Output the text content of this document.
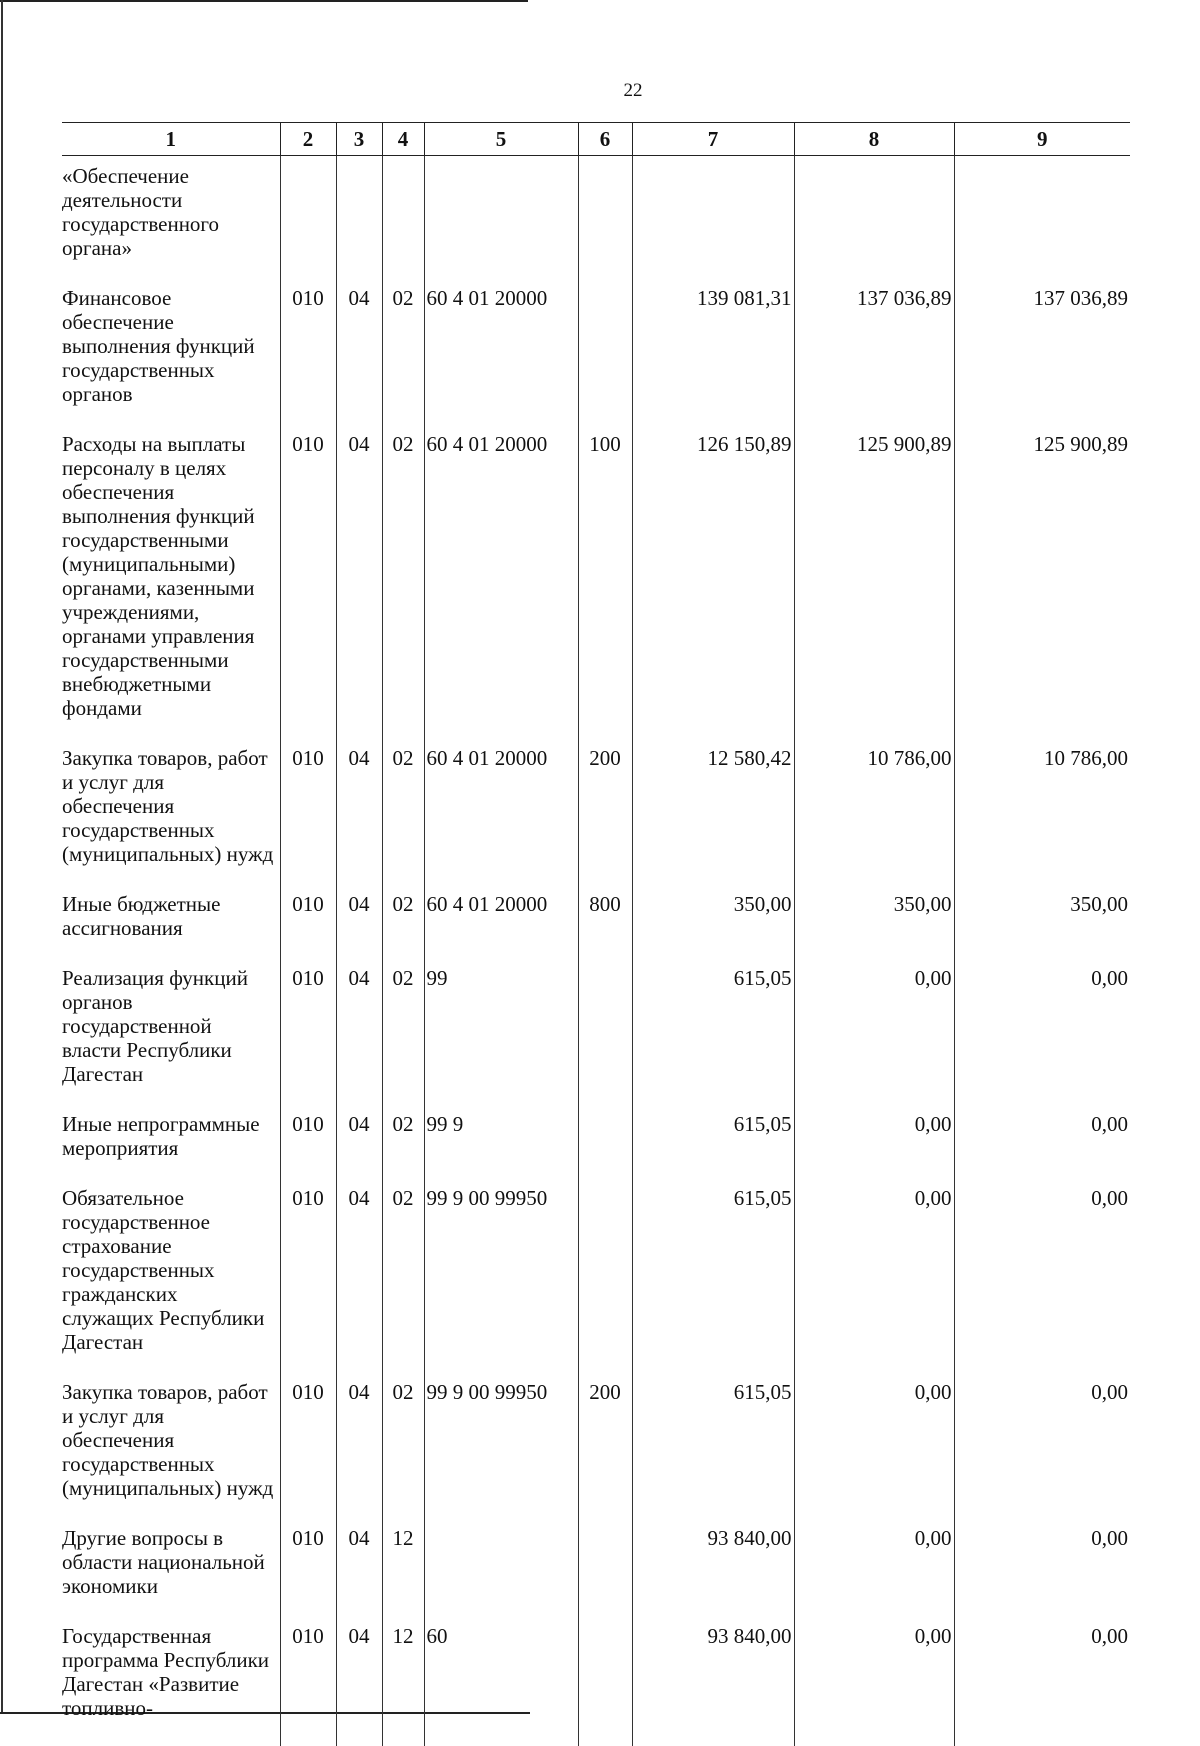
22
1	2	3	4	5	6	7	8	9
«Обеспечение деятельности государственного органа»								
Финансовое обеспечение выполнения функций государственных органов	010	04	02	60 4 01 20000		139 081,31	137 036,89	137 036,89
Расходы на выплаты персоналу в целях обеспечения выполнения функций государственными (муниципальными) органами, казенными учреждениями, органами управления государственными внебюджетными фондами	010	04	02	60 4 01 20000	100	126 150,89	125 900,89	125 900,89
Закупка товаров, работ и услуг для обеспечения государственных (муниципальных) нужд	010	04	02	60 4 01 20000	200	12 580,42	10 786,00	10 786,00
Иные бюджетные ассигнования	010	04	02	60 4 01 20000	800	350,00	350,00	350,00
Реализация функций органов государственной власти Республики Дагестан	010	04	02	99		615,05	0,00	0,00
Иные непрограммные мероприятия	010	04	02	99 9		615,05	0,00	0,00
Обязательное государственное страхование государственных гражданских служащих Республики Дагестан	010	04	02	99 9 00 99950		615,05	0,00	0,00
Закупка товаров, работ и услуг для обеспечения государственных (муниципальных) нужд	010	04	02	99 9 00 99950	200	615,05	0,00	0,00
Другие вопросы в области национальной экономики	010	04	12			93 840,00	0,00	0,00
Государственная программа Республики Дагестан «Развитие топливно-	010	04	12	60		93 840,00	0,00	0,00
